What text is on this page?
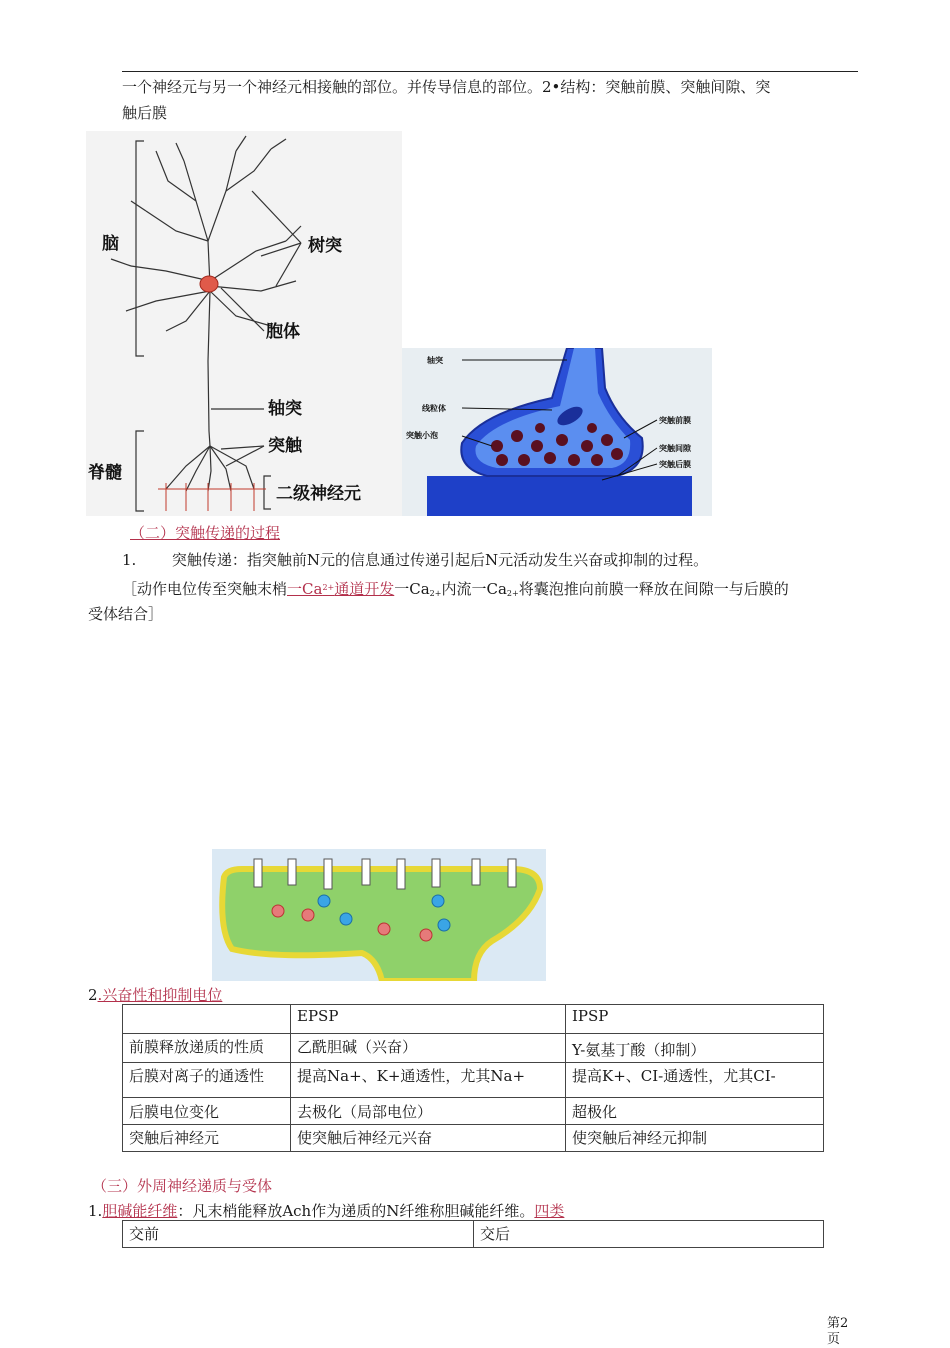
一个神经元与另一个神经元相接触的部位。并传导信息的部位。2•结构：突触前膜、突触间隙、突
触后膜
脑	树突
胞体
轴突
突触
脊髓
二级神经元
轴突
线粒体
突触小泡
突触前膜
突触间隙
突触后膜
（二）突触传递的过程
1. 突触传递：指突触前N元的信息通过传递引起后N元活动发生兴奋或抑制的过程。
［动作电位传至突触末梢一$Ca^{2+}$通道开发一$Ca_{2+}$内流一$Ca_{2+}$将囊泡推向前膜一释放在间隙一与后膜的
受体结合］
2.兴奋性和抑制电位
	EPSP	IPSP
前膜释放递质的性质	乙酰胆碱（兴奋）	Y-氨基丁酸（抑制）
后膜对离子的通透性	提高Na+、K+通透性，尤其Na+	提高K+、CI-通透性，尤其CI-
后膜电位变化	去极化（局部电位）	超极化
突触后神经元	使突触后神经元兴奋	使突触后神经元抑制
（三）外周神经递质与受体
1.胆碱能纤维：凡末梢能释放Ach作为递质的N纤维称胆碱能纤维。四类
交前	交后
第2
页
